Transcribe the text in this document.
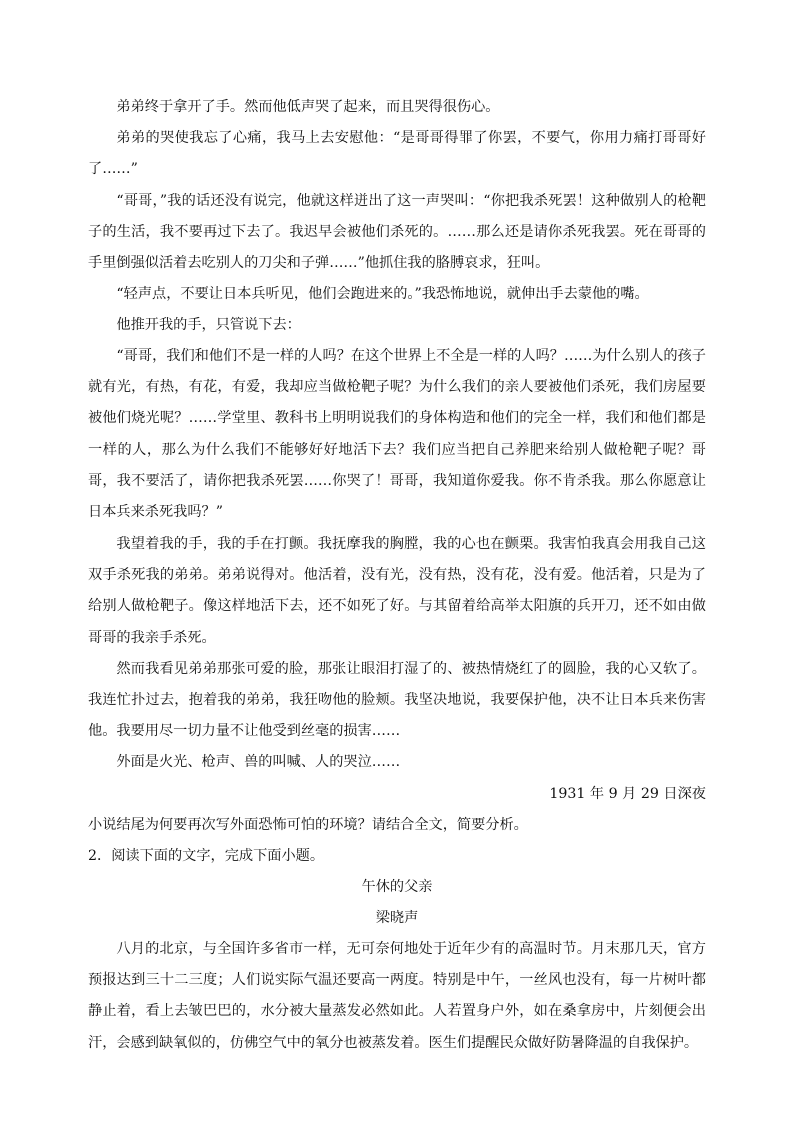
弟弟终于拿开了手。然而他低声哭了起来，而且哭得很伤心。

弟弟的哭使我忘了心痛，我马上去安慰他：“是哥哥得罪了你罢，不要气，你用力痛打哥哥好了……”

“哥哥，”我的话还没有说完，他就这样迸出了这一声哭叫：“你把我杀死罢！这种做别人的枪靶子的生活，我不要再过下去了。我迟早会被他们杀死的。……那么还是请你杀死我罢。死在哥哥的手里倒强似活着去吃别人的刀尖和子弹……”他抓住我的胳膊哀求，狂叫。

“轻声点，不要让日本兵听见，他们会跑进来的。”我恐怖地说，就伸出手去蒙他的嘴。

他推开我的手，只管说下去：

“哥哥，我们和他们不是一样的人吗？在这个世界上不全是一样的人吗？……为什么别人的孩子就有光，有热，有花，有爱，我却应当做枪靶子呢？为什么我们的亲人要被他们杀死，我们房屋要被他们烧光呢？……学堂里、教科书上明明说我们的身体构造和他们的完全一样，我们和他们都是一样的人，那么为什么我们不能够好好地活下去？我们应当把自己养肥来给别人做枪靶子呢？哥哥，我不要活了，请你把我杀死罢……你哭了！哥哥，我知道你爱我。你不肯杀我。那么你愿意让日本兵来杀死我吗？”

我望着我的手，我的手在打颤。我抚摩我的胸膛，我的心也在颤栗。我害怕我真会用我自己这双手杀死我的弟弟。弟弟说得对。他活着，没有光，没有热，没有花，没有爱。他活着，只是为了给别人做枪靶子。像这样地活下去，还不如死了好。与其留着给高举太阳旗的兵开刀，还不如由做哥哥的我亲手杀死。

然而我看见弟弟那张可爱的脸，那张让眼泪打湿了的、被热情烧红了的圆脸，我的心又软了。我连忙扑过去，抱着我的弟弟，我狂吻他的脸颊。我坚决地说，我要保护他，决不让日本兵来伤害他。我要用尽一切力量不让他受到丝毫的损害……

外面是火光、枪声、兽的叫喊、人的哭泣……

1931 年 9 月 29 日深夜

小说结尾为何要再次写外面恐怖可怕的环境？请结合全文，简要分析。

2．阅读下面的文字，完成下面小题。

午休的父亲

梁晓声

八月的北京，与全国许多省市一样，无可奈何地处于近年少有的高温时节。月末那几天，官方预报达到三十二三度；人们说实际气温还要高一两度。特别是中午，一丝风也没有，每一片树叶都静止着，看上去皱巴巴的，水分被大量蒸发必然如此。人若置身户外，如在桑拿房中，片刻便会出汗，会感到缺氧似的，仿佛空气中的氧分也被蒸发着。医生们提醒民众做好防暑降温的自我保护。
